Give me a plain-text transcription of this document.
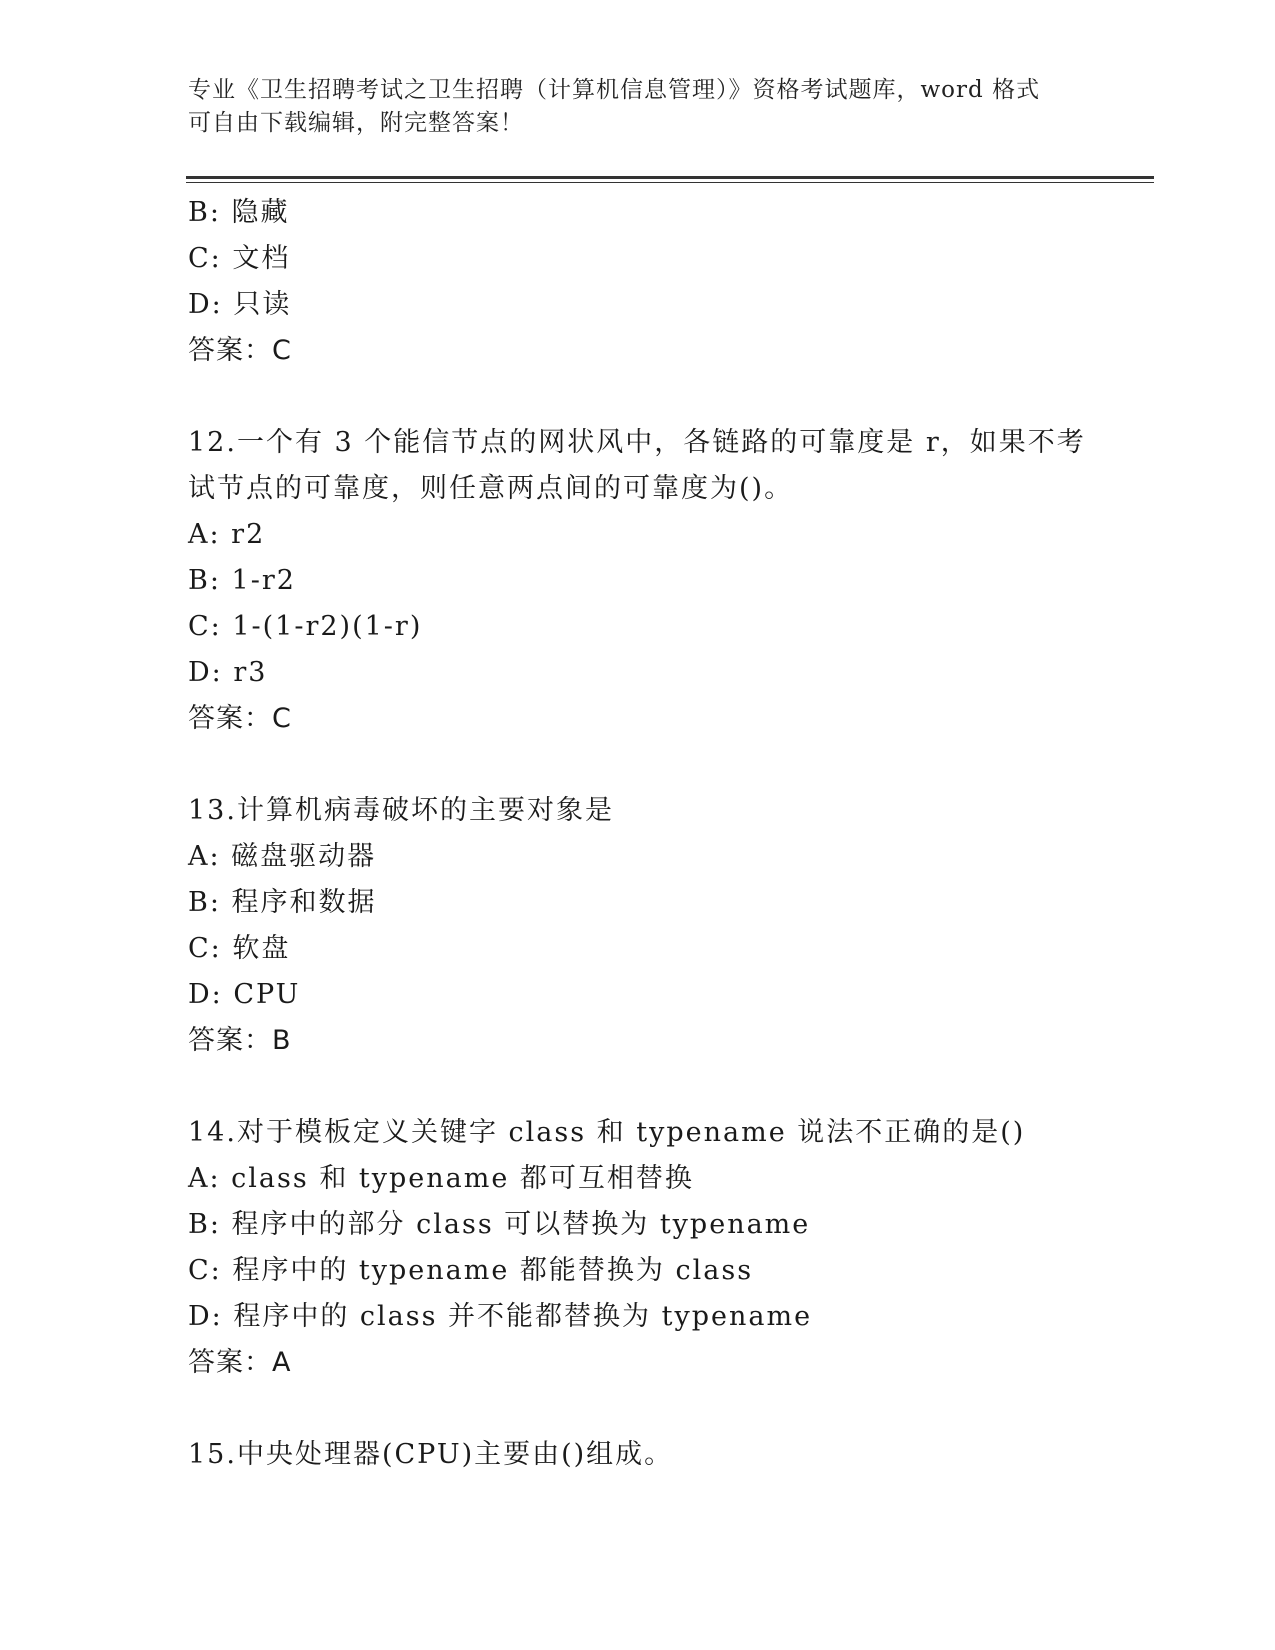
专业《卫生招聘考试之卫生招聘（计算机信息管理）》资格考试题库，word 格式
可自由下载编辑，附完整答案！
B: 隐藏
C: 文档
D: 只读
答案：C
12.一个有 3 个能信节点的网状风中，各链路的可靠度是 r，如果不考
试节点的可靠度，则任意两点间的可靠度为()。
A: r2
B: 1-r2
C: 1-(1-r2)(1-r)
D: r3
答案：C
13.计算机病毒破坏的主要对象是
A: 磁盘驱动器
B: 程序和数据
C: 软盘
D: CPU
答案：B
14.对于模板定义关键字 class 和 typename 说法不正确的是()
A: class 和 typename 都可互相替换
B: 程序中的部分 class 可以替换为 typename
C: 程序中的 typename 都能替换为 class
D: 程序中的 class 并不能都替换为 typename
答案：A
15.中央处理器(CPU)主要由()组成。
